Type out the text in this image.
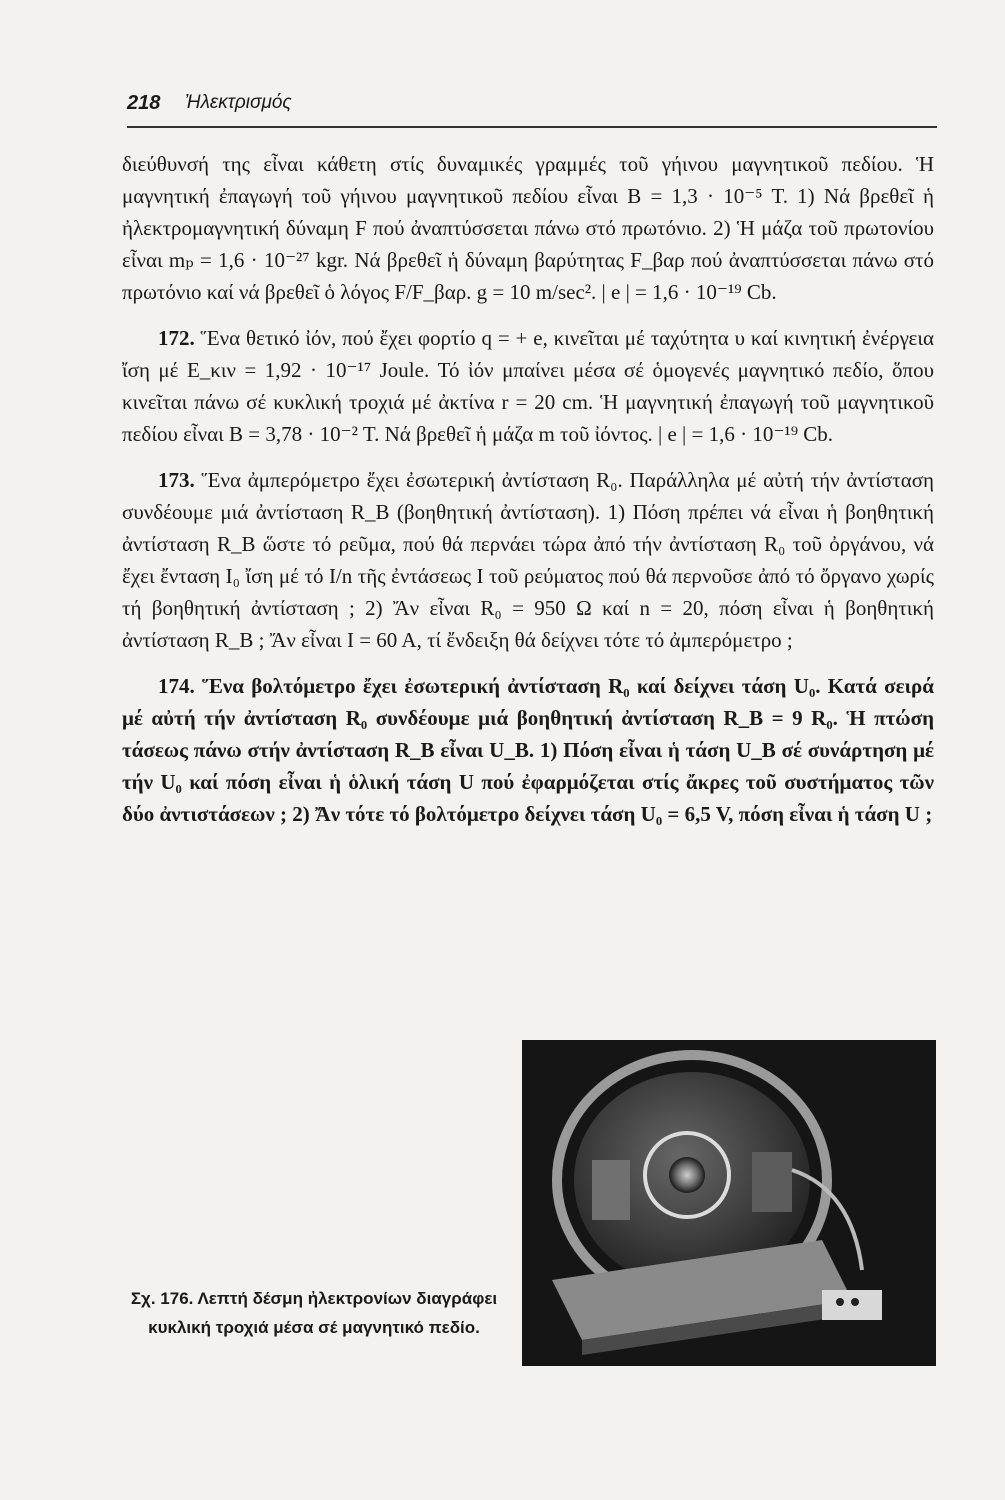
218 Ἠλεκτρισμός

διεύθυνσή της εἶναι κάθετη στίς δυναμικές γραμμές τοῦ γήινου μαγνητικοῦ πεδίου. Ἡ μαγνητική ἐπαγωγή τοῦ γήινου μαγνητικοῦ πεδίου εἶναι B = 1,3 · 10⁻⁵ T. 1) Νά βρεθεῖ ἡ ἠλεκτρομαγνητική δύναμη F πού ἀναπτύσσεται πάνω στό πρωτόνιο. 2) Ἡ μάζα τοῦ πρωτονίου εἶναι mₚ = 1,6 · 10⁻²⁷ kgr. Νά βρεθεῖ ἡ δύναμη βαρύτητας F_βαρ πού ἀναπτύσσεται πάνω στό πρωτόνιο καί νά βρεθεῖ ὁ λόγος F/F_βαρ. g = 10 m/sec². | e | = 1,6 · 10⁻¹⁹ Cb.

172. Ἕνα θετικό ἰόν, πού ἔχει φορτίο q = + e, κινεῖται μέ ταχύτητα υ καί κινητική ἐνέργεια ἴση μέ E_κιν = 1,92 · 10⁻¹⁷ Joule. Τό ἰόν μπαίνει μέσα σέ ὁμογενές μαγνητικό πεδίο, ὅπου κινεῖται πάνω σέ κυκλική τροχιά μέ ἀκτίνα r = 20 cm. Ἡ μαγνητική ἐπαγωγή τοῦ μαγνητικοῦ πεδίου εἶναι B = 3,78 · 10⁻² T. Νά βρεθεῖ ἡ μάζα m τοῦ ἰόντος. | e | = 1,6 · 10⁻¹⁹ Cb.

173. Ἕνα ἀμπερόμετρο ἔχει ἐσωτερική ἀντίσταση R₀. Παράλληλα μέ αὐτή τήν ἀντίσταση συνδέουμε μιά ἀντίσταση R_B (βοηθητική ἀντίσταση). 1) Πόση πρέπει νά εἶναι ἡ βοηθητική ἀντίσταση R_B ὥστε τό ρεῦμα, πού θά περνάει τώρα ἀπό τήν ἀντίσταση R₀ τοῦ ὀργάνου, νά ἔχει ἔνταση I₀ ἴση μέ τό I/n τῆς ἐντάσεως I τοῦ ρεύματος πού θά περνοῦσε ἀπό τό ὄργανο χωρίς τή βοηθητική ἀντίσταση ; 2) Ἄν εἶναι R₀ = 950 Ω καί n = 20, πόση εἶναι ἡ βοηθητική ἀντίσταση R_B ; Ἄν εἶναι I = 60 A, τί ἔνδειξη θά δείχνει τότε τό ἀμπερόμετρο ;

174. Ἕνα βολτόμετρο ἔχει ἐσωτερική ἀντίσταση R₀ καί δείχνει τάση U₀. Κατά σειρά μέ αὐτή τήν ἀντίσταση R₀ συνδέουμε μιά βοηθητική ἀντίσταση R_B = 9 R₀. Ἡ πτώση τάσεως πάνω στήν ἀντίσταση R_B εἶναι U_B. 1) Πόση εἶναι ἡ τάση U_B σέ συνάρτηση μέ τήν U₀ καί πόση εἶναι ἡ ὁλική τάση U πού ἐφαρμόζεται στίς ἄκρες τοῦ συστήματος τῶν δύο ἀντιστάσεων ; 2) Ἄν τότε τό βολτόμετρο δείχνει τάση U₀ = 6,5 V, πόση εἶναι ἡ τάση U ;

Σχ. 176. Λεπτή δέσμη ἠλεκτρονίων διαγράφει κυκλική τροχιά μέσα σέ μαγνητικό πεδίο.
